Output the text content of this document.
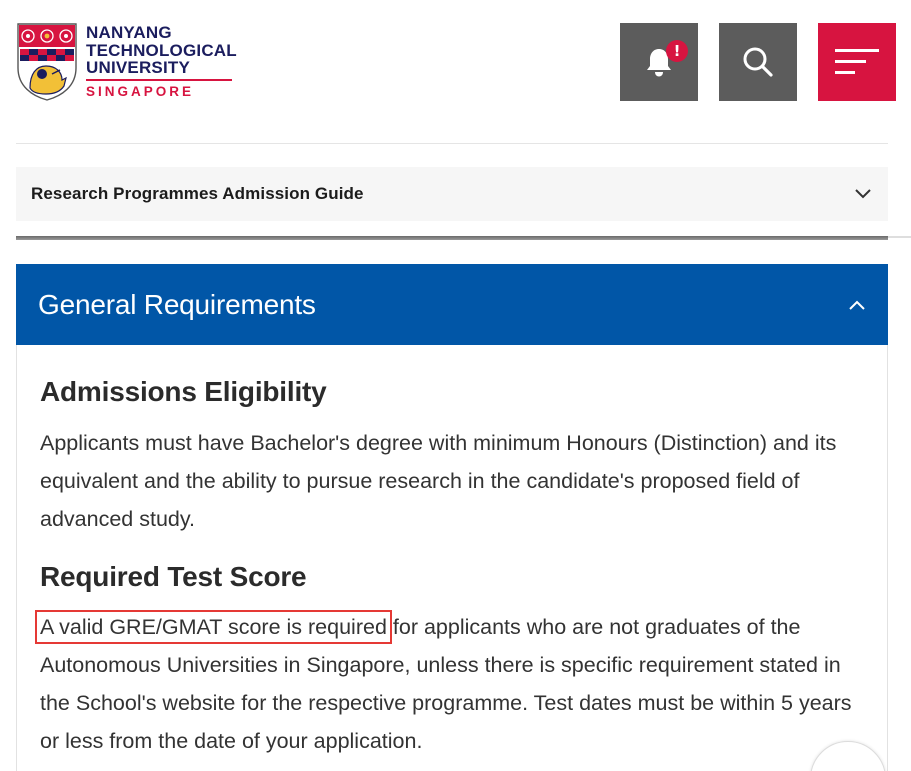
NANYANG
TECHNOLOGICAL
UNIVERSITY
SINGAPORE
!
Research Programmes Admission Guide
General Requirements
Admissions Eligibility

Applicants must have Bachelor's degree with minimum Honours (Distinction) and its equivalent and the ability to pursue research in the candidate's proposed field of advanced study.

Required Test Score

A valid GRE/GMAT score is required for applicants who are not graduates of the Autonomous Universities in Singapore, unless there is specific requirement stated in the School's website for the respective programme. Test dates must be within 5 years or less from the date of your application.
